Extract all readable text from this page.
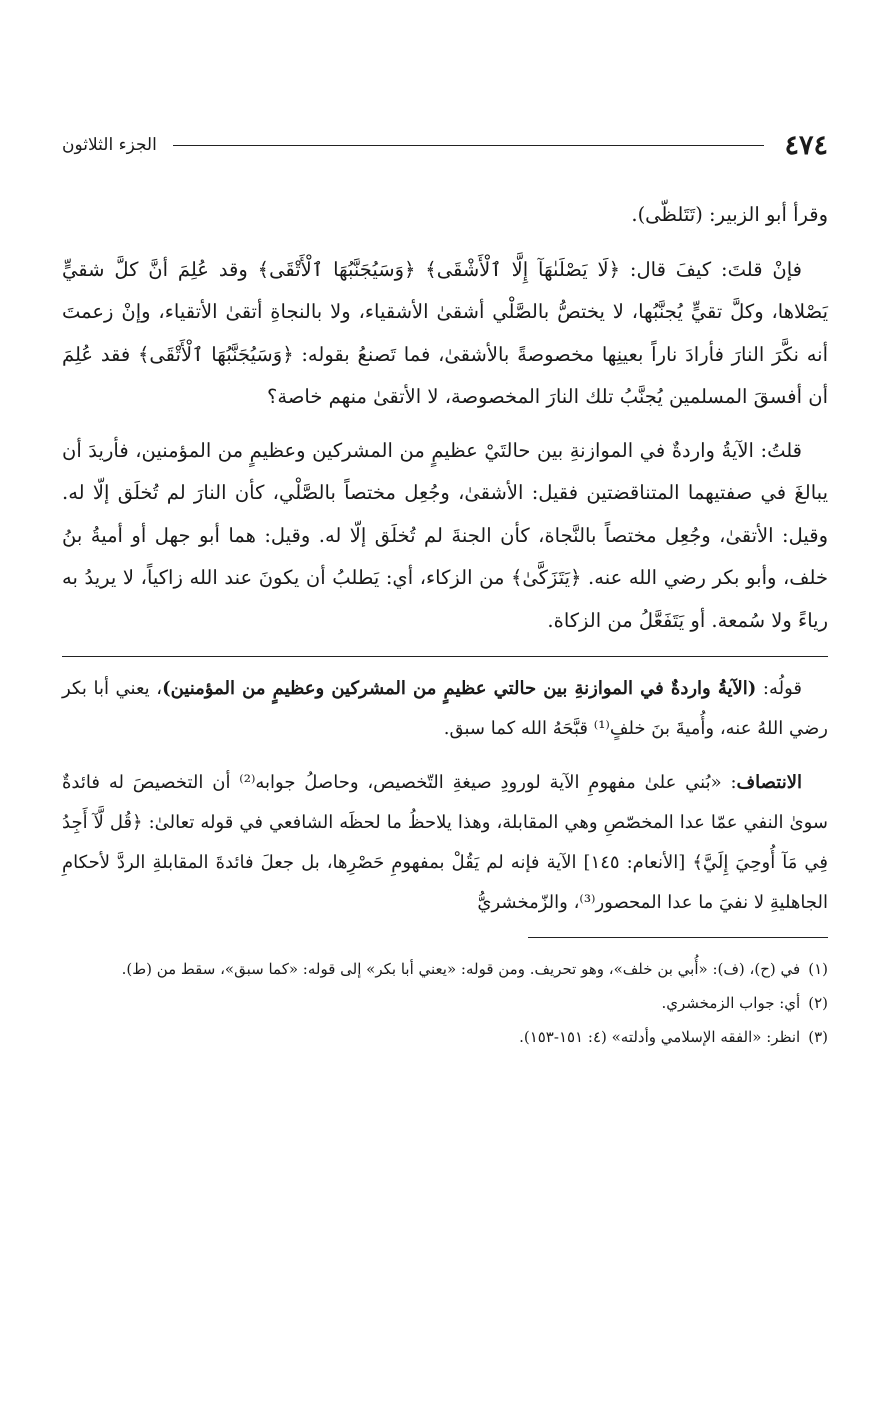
٤٧٤
الجزء الثلاثون

وقرأ أبو الزبير: (تَتَلظّى).

فإنْ قلتَ: كيفَ قال: ﴿لَا يَصْلَىٰهَآ إِلَّا ٱلْأَشْقَى﴾ ﴿وَسَيُجَنَّبُهَا ٱلْأَتْقَى﴾ وقد عُلِمَ أنَّ كلَّ شقيٍّ يَصْلاها، وكلَّ تقيٍّ يُجنَّبُها، لا يختصُّ بالصَّلْي أشقىٰ الأشقياء، ولا بالنجاةِ أتقىٰ الأتقياء، وإنْ زعمتَ أنه نكَّرَ النارَ فأرادَ ناراً بعينِها مخصوصةً بالأشقىٰ، فما تَصنعُ بقوله: ﴿وَسَيُجَنَّبُهَا ٱلْأَتْقَى﴾ فقد عُلِمَ أن أفسقَ المسلمين يُجنَّبُ تلك النارَ المخصوصة، لا الأتقىٰ منهم خاصة؟

قلتُ: الآيةُ واردةٌ في الموازنةِ بين حالتَيْ عظيمٍ من المشركين وعظيمٍ من المؤمنين، فأريدَ أن يبالغَ في صفتيهما المتناقضتين فقيل: الأشقىٰ، وجُعِل مختصاً بالصَّلْي، كأن النارَ لم تُخلَق إلّا له. وقيل: الأتقىٰ، وجُعِل مختصاً بالنَّجاة، كأن الجنةَ لم تُخلَق إلّا له. وقيل: هما أبو جهل أو أميةُ بنُ خلف، وأبو بكر رضي الله عنه. ﴿يَتَزَكَّىٰ﴾ من الزكاء، أي: يَطلبُ أن يكونَ عند الله زاكياً، لا يريدُ به رياءً ولا سُمعة. أو يَتَفَعَّلُ من الزكاة.

قولُه: (الآيةُ واردةٌ في الموازنةِ بين حالتي عظيمٍ من المشركين وعظيمٍ من المؤمنين)، يعني أبا بكر رضي اللهُ عنه، وأُميةَ بنَ خلفٍ⁽¹⁾ قبَّحَهُ الله كما سبق.

الانتصاف: «بُني علىٰ مفهومِ الآية لورودِ صيغةِ التّخصيص، وحاصلُ جوابه⁽²⁾ أن التخصيصَ له فائدةٌ سوىٰ النفي عمّا عدا المخصّصِ وهي المقابلة، وهذا يلاحظُ ما لحظَه الشافعي في قوله تعالىٰ: ﴿قُل لَّآ أَجِدُ فِي مَآ أُوحِيَ إِلَيَّ﴾ [الأنعام: ١٤٥] الآية فإنه لم يَقُلْ بمفهومِ حَصْرِها، بل جعلَ فائدةَ المقابلةِ الردَّ لأحكامِ الجاهليةِ لا نفيَ ما عدا المحصور⁽³⁾، والزّمخشريُّ

(١)في (ح)، (ف): «أُبي بن خلف»، وهو تحريف. ومن قوله: «يعني أبا بكر» إلى قوله: «كما سبق»، سقط من (ط).

(٢)أي: جواب الزمخشري.

(٣)انظر: «الفقه الإسلامي وأدلته» (٤: ١٥١-١٥٣).
